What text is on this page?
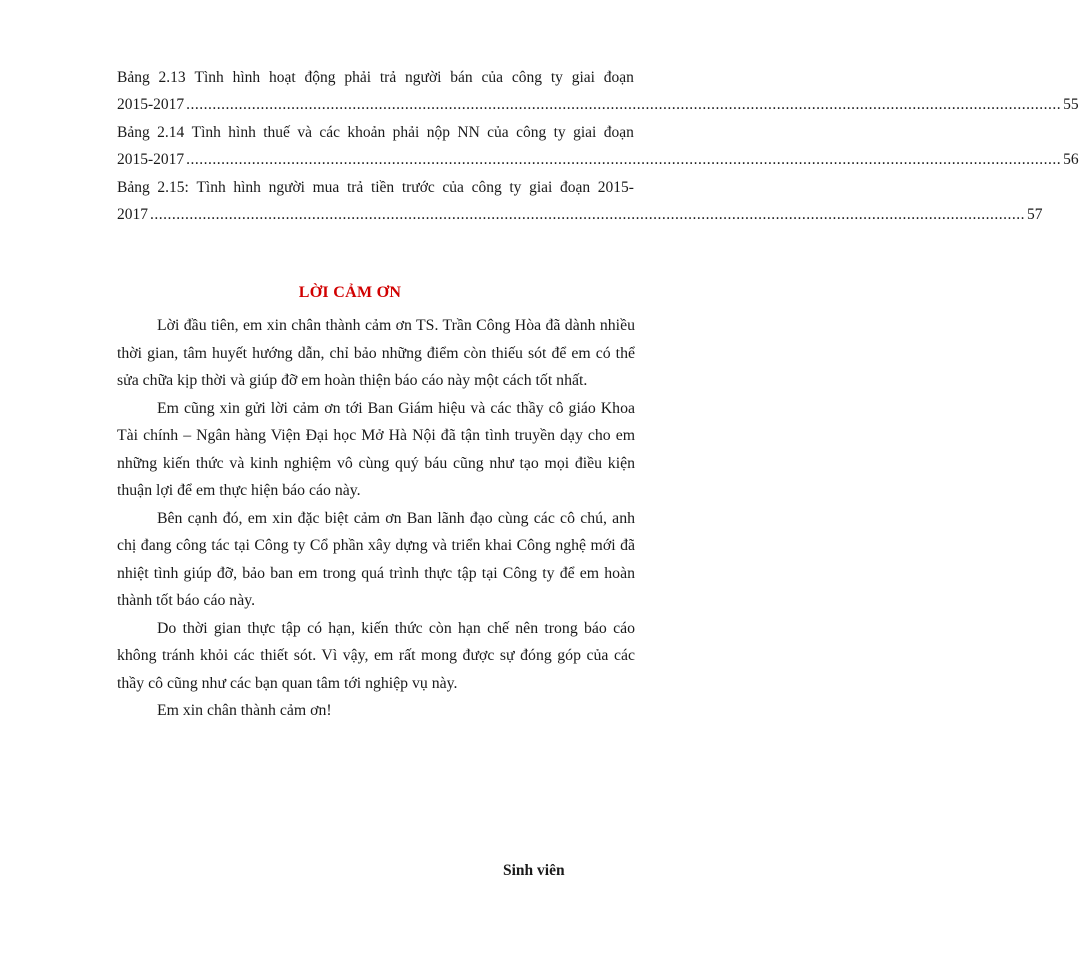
Bảng 2.13 Tình hình hoạt động phải trả người bán của công ty giai đoạn
2015-2017 ........................................................................................................................................................................................................ 55
Bảng 2.14 Tình hình thuế và các khoản phải nộp NN của công ty giai đoạn
2015-2017 ........................................................................................................................................................................................................ 56
Bảng 2.15: Tình hình người mua trả tiền trước của công ty giai đoạn 2015-
2017 ........................................................................................................................................................................................................ 57
LỜI CẢM ƠN

Lời đầu tiên, em xin chân thành cảm ơn TS. Trần Công Hòa đã dành nhiều thời gian, tâm huyết hướng dẫn, chỉ bảo những điểm còn thiếu sót để em có thể sửa chữa kịp thời và giúp đỡ em hoàn thiện báo cáo này một cách tốt nhất.

Em cũng xin gửi lời cảm ơn tới Ban Giám hiệu và các thầy cô giáo Khoa Tài chính – Ngân hàng Viện Đại học Mở Hà Nội đã tận tình truyền dạy cho em những kiến thức và kinh nghiệm vô cùng quý báu cũng như tạo mọi điều kiện thuận lợi để em thực hiện báo cáo này.

Bên cạnh đó, em xin đặc biệt cảm ơn Ban lãnh đạo cùng các cô chú, anh chị đang công tác tại Công ty Cổ phần xây dựng và triển khai Công nghệ mới đã nhiệt tình giúp đỡ, bảo ban em trong quá trình thực tập tại Công ty để em hoàn thành tốt báo cáo này.

Do thời gian thực tập có hạn, kiến thức còn hạn chế nên trong báo cáo không tránh khỏi các thiết sót. Vì vậy, em rất mong được sự đóng góp của các thầy cô cũng như các bạn quan tâm tới nghiệp vụ này.

Em xin chân thành cảm ơn!

Sinh viên
